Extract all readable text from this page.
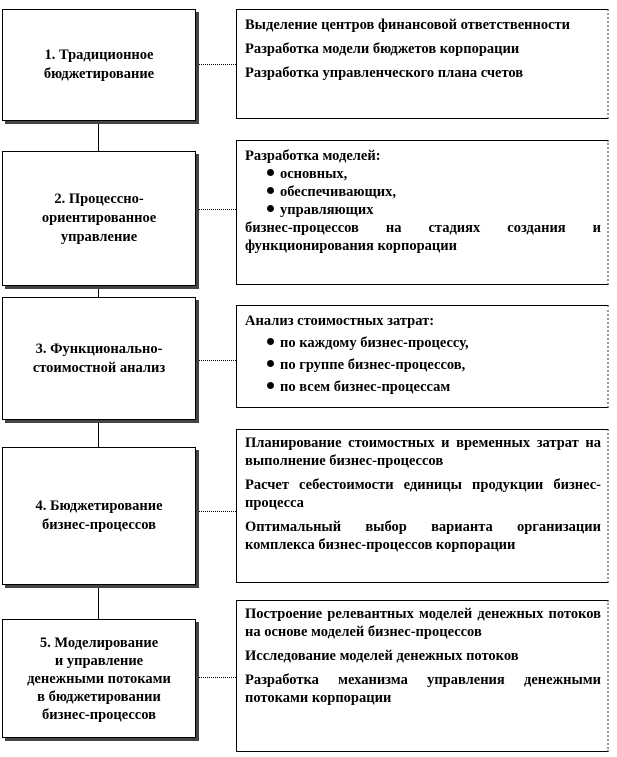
1. Традиционное
бюджетирование
Выделение центров финансовой ответственности
Разработка модели бюджетов корпорации
Разработка управленческого плана счетов
2. Процессно-
ориентированное
управление
Разработка моделей:
основных,
обеспечивающих,
управляющих
бизнес-процессов на стадиях создания и функционирования корпорации
3. Функционально-
стоимостной анализ
Анализ стоимостных затрат:
по каждому бизнес-процессу,
по группе бизнес-процессов,
по всем бизнес-процессам
4. Бюджетирование
бизнес-процессов
Планирование стоимостных и временных затрат на выполнение бизнес-процессов
Расчет себестоимости единицы продукции бизнес-процесса
Оптимальный выбор варианта организации комплекса бизнес-процессов корпорации
5. Моделирование
и управление
денежными потоками
в бюджетировании
бизнес-процессов
Построение релевантных моделей денежных потоков на основе моделей бизнес-процессов
Исследование моделей денежных потоков
Разработка механизма управления денежными потоками корпорации
